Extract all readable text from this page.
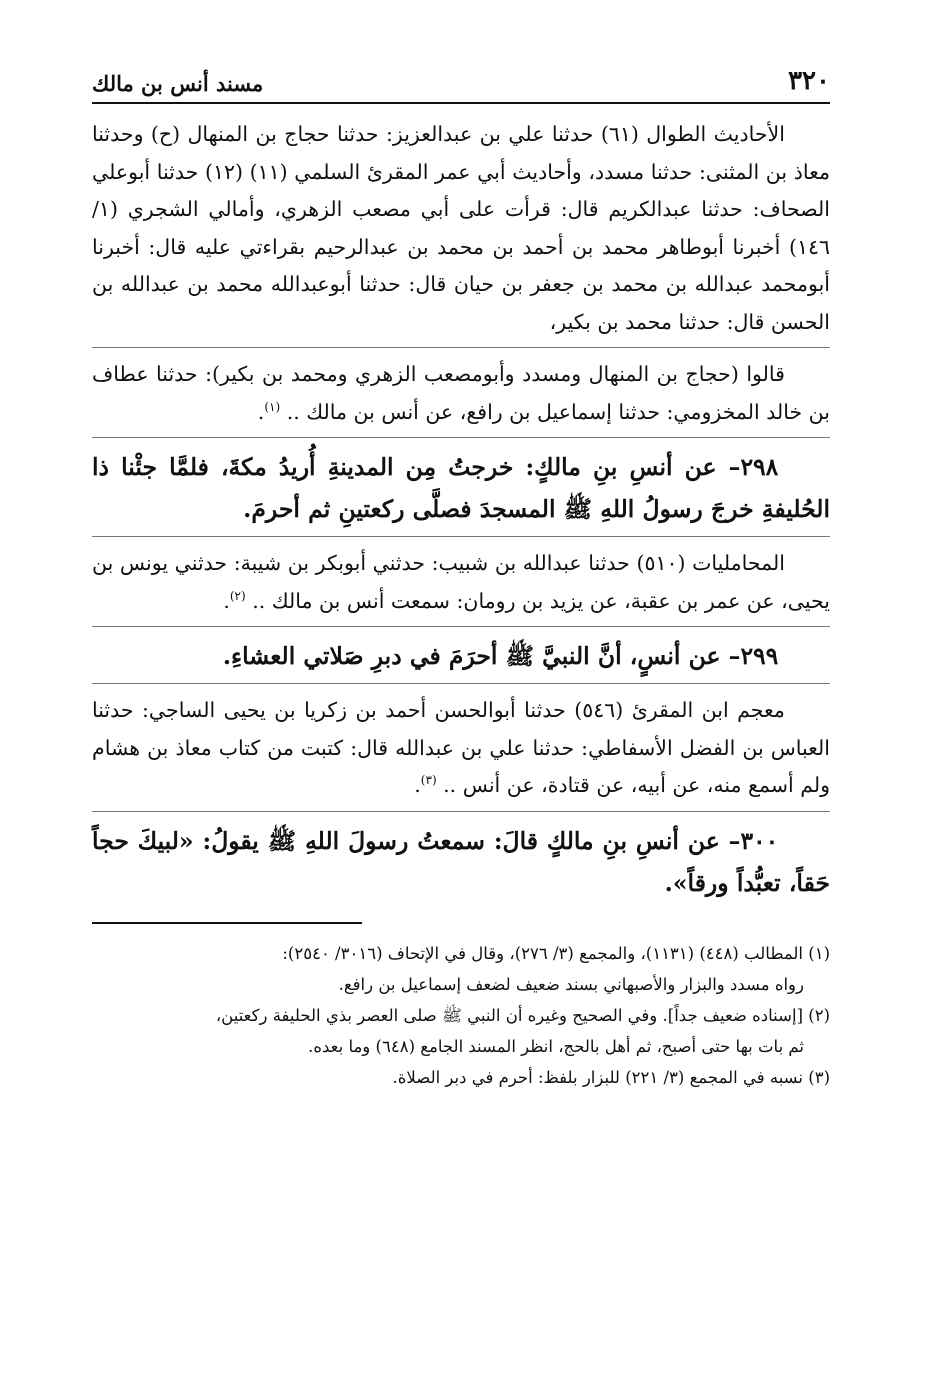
٣٢٠
مسند أنس بن مالك

الأحاديث الطوال (٦١) حدثنا علي بن عبدالعزيز: حدثنا حجاج بن المنهال (ح) وحدثنا معاذ بن المثنى: حدثنا مسدد، وأحاديث أبي عمر المقرئ السلمي (١١) (١٢) حدثنا أبوعلي الصحاف: حدثنا عبدالكريم قال: قرأت على أبي مصعب الزهري، وأمالي الشجري (١/ ١٤٦) أخبرنا أبوطاهر محمد بن أحمد بن محمد بن عبدالرحيم بقراءتي عليه قال: أخبرنا أبومحمد عبدالله بن محمد بن جعفر بن حيان قال: حدثنا أبوعبدالله محمد بن عبدالله بن الحسن قال: حدثنا محمد بن بكير،

قالوا (حجاج بن المنهال ومسدد وأبومصعب الزهري ومحمد بن بكير): حدثنا عطاف بن خالد المخزومي: حدثنا إسماعيل بن رافع، عن أنس بن مالك .. $^{(١)}$.

٢٩٨– عن أنسِ بنِ مالكٍ: خرجتُ مِن المدينةِ أُريدُ مكةَ، فلمَّا جئْنا ذا الحُليفةِ خرجَ رسولُ اللهِ ﷺ المسجدَ فصلَّى ركعتينِ ثم أحرمَ.

المحامليات (٥١٠) حدثنا عبدالله بن شبيب: حدثني أبوبكر بن شيبة: حدثني يونس بن يحيى، عن عمر بن عقبة، عن يزيد بن رومان: سمعت أنس بن مالك .. $^{(٢)}$.

٢٩٩– عن أنسٍ، أنَّ النبيَّ ﷺ أحرَمَ في دبرِ صَلاتي العشاءِ.

معجم ابن المقرئ (٥٤٦) حدثنا أبوالحسن أحمد بن زكريا بن يحيى الساجي: حدثنا العباس بن الفضل الأسفاطي: حدثنا علي بن عبدالله قال: كتبت من كتاب معاذ بن هشام ولم أسمع منه، عن أبيه، عن قتادة، عن أنس .. $^{(٣)}$.

٣٠٠– عن أنسِ بنِ مالكٍ قالَ: سمعتُ رسولَ اللهِ ﷺ يقولُ: «لبيكَ حجاً حَقاً، تعبُّداً ورقاً».

(١) المطالب (٤٤٨) (١١٣١)، والمجمع (٣/ ٢٧٦)، وقال في الإتحاف (٣٠١٦/ ٢٥٤٠):

رواه مسدد والبزار والأصبهاني بسند ضعيف لضعف إسماعيل بن رافع.

(٢) [إسناده ضعيف جداً]. وفي الصحيح وغيره أن النبي ﷺ صلى العصر بذي الحليفة ركعتين،

ثم بات بها حتى أصبح، ثم أهل بالحج، انظر المسند الجامع (٦٤٨) وما بعده.

(٣) نسبه في المجمع (٣/ ٢٢١) للبزار بلفظ: أحرم في دبر الصلاة.
